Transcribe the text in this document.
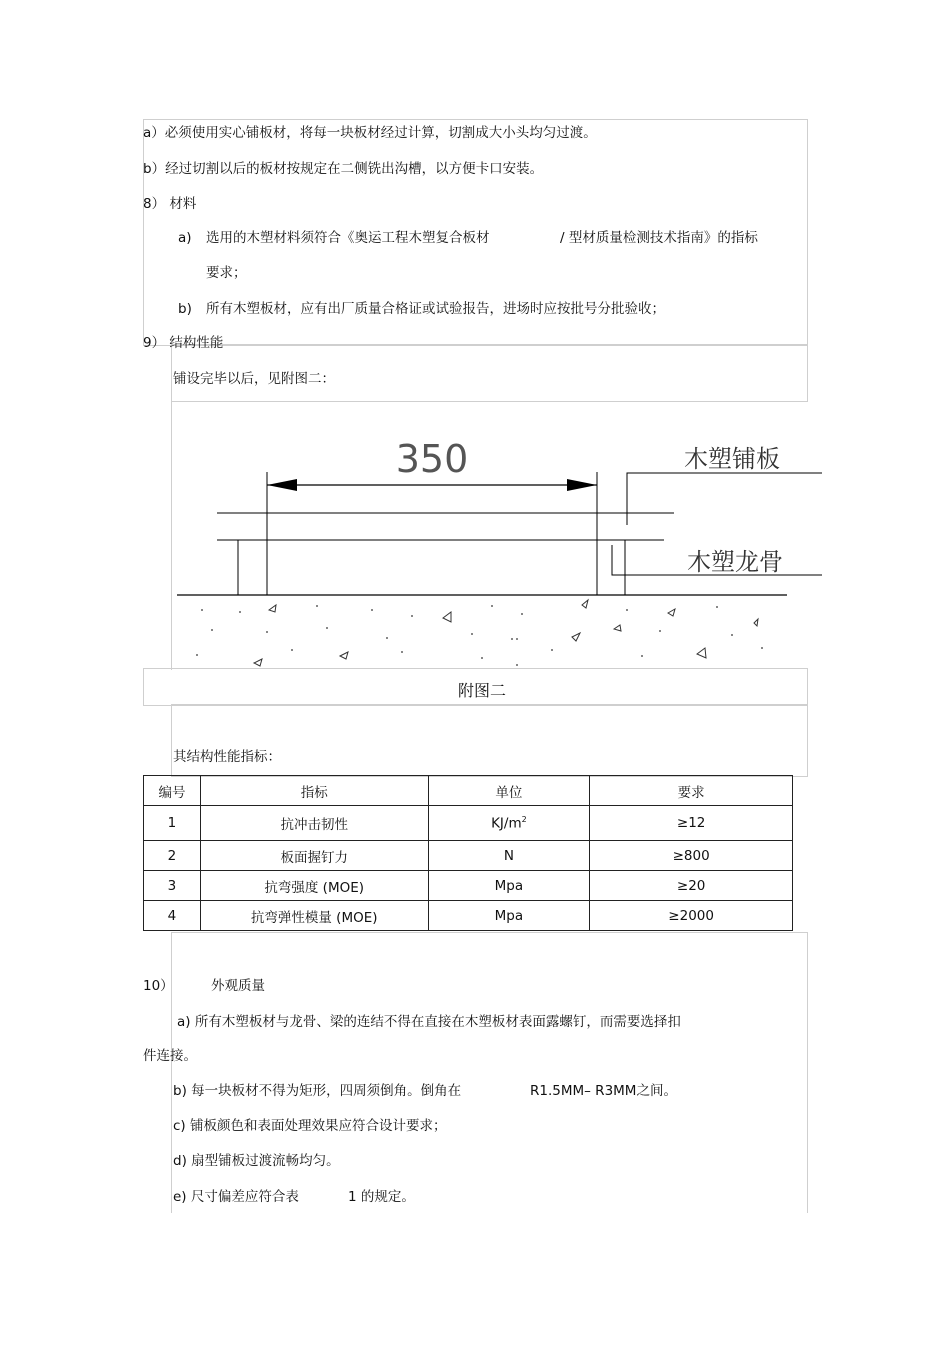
a）必须使用实心铺板材，将每一块板材经过计算，切割成大小头均匀过渡。
b）经过切割以后的板材按规定在二侧铣出沟槽，以方便卡口安装。
8） 材料
a) 选用的木塑材料须符合《奥运工程木塑复合板材	/ 型材质量检测技术指南》的指标
要求；
b) 所有木塑板材，应有出厂质量合格证或试验报告，进场时应按批号分批验收；
9） 结构性能
铺设完毕以后，见附图二：
350	木塑铺板
木塑龙骨
附图二
其结构性能指标：
编号	指标	单位	要求
1	抗冲击韧性	$KJ/m^2$	≥12
2	板面握钉力	N	≥800
3	抗弯强度 (MOE)	Mpa	≥20
4	抗弯弹性模量 (MOE)	Mpa	≥2000
10）	外观质量
a) 所有木塑板材与龙骨、梁的连结不得在直接在木塑板材表面露螺钉，而需要选择扣
件连接。
b) 每一块板材不得为矩形，四周须倒角。倒角在	R1.5MM– R3MM之间。
c) 铺板颜色和表面处理效果应符合设计要求；
d) 扇型铺板过渡流畅均匀。
e) 尺寸偏差应符合表	1 的规定。
